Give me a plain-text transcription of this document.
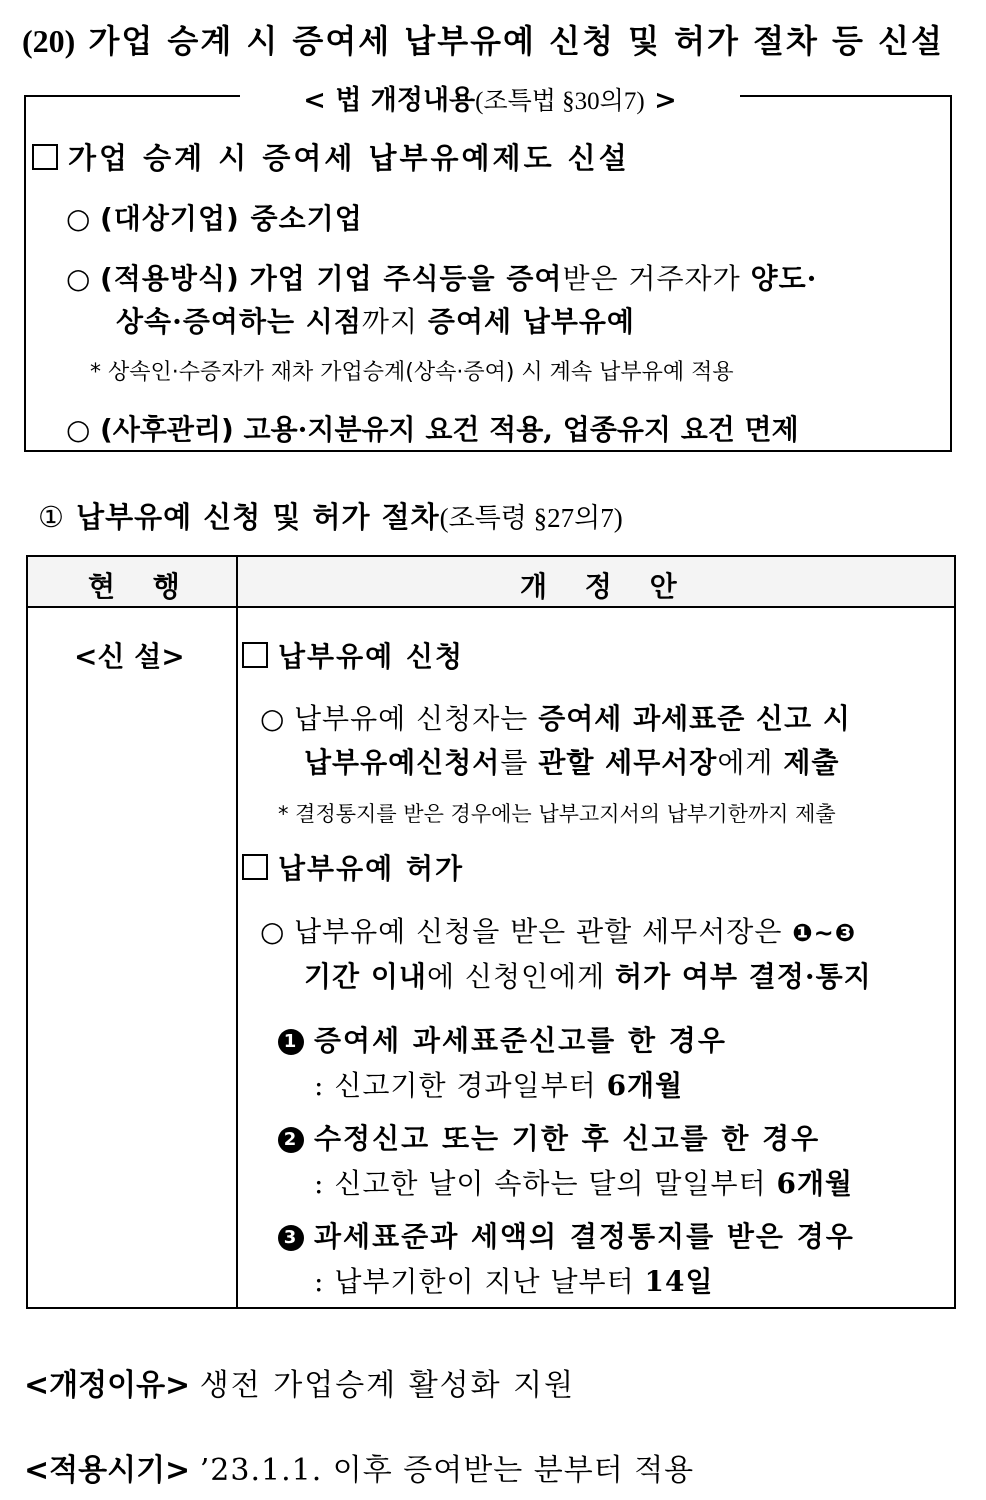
(20) 가업 승계 시 증여세 납부유예 신청 및 허가 절차 등 신설
< 법 개정내용(조특법 §30의7) >
가업 승계 시 증여세 납부유예제도 신설
○ (대상기업) 중소기업
○ (적용방식) 가업 기업 주식등을 증여받은 거주자가 양도·
상속·증여하는 시점까지 증여세 납부유예
* 상속인·수증자가 재차 가업승계(상속·증여) 시 계속 납부유예 적용
○ (사후관리) 고용·지분유지 요건 적용, 업종유지 요건 면제
① 납부유예 신청 및 허가 절차(조특령 §27의7)
현 행	개 정 안
<신 설>	납부유예 신청
○ 납부유예 신청자는 증여세 과세표준 신고 시
납부유예신청서를 관할 세무서장에게 제출
* 결정통지를 받은 경우에는 납부고지서의 납부기한까지 제출
납부유예 허가
○ 납부유예 신청을 받은 관할 세무서장은 ❶~❸
기간 이내에 신청인에게 허가 여부 결정·통지
1 증여세 과세표준신고를 한 경우
: 신고기한 경과일부터 6개월
2 수정신고 또는 기한 후 신고를 한 경우
: 신고한 날이 속하는 달의 말일부터 6개월
3 과세표준과 세액의 결정통지를 받은 경우
: 납부기한이 지난 날부터 14일
<개정이유> 생전 가업승계 활성화 지원
<적용시기> ’23.1.1. 이후 증여받는 분부터 적용
